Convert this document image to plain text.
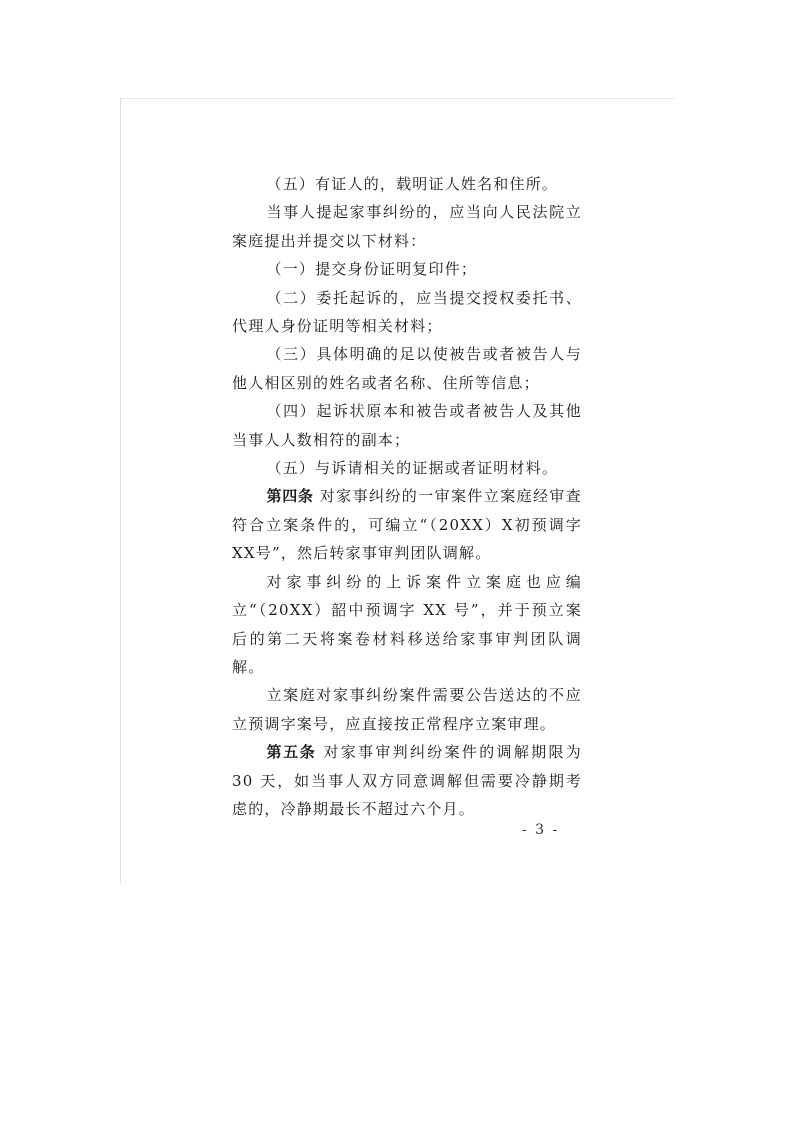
（五）有证人的，载明证人姓名和住所。

当事人提起家事纠纷的，应当向人民法院立案庭提出并提交以下材料：

（一）提交身份证明复印件；

（二）委托起诉的，应当提交授权委托书、代理人身份证明等相关材料；

（三）具体明确的足以使被告或者被告人与他人相区别的姓名或者名称、住所等信息；

（四）起诉状原本和被告或者被告人及其他当事人人数相符的副本；

（五）与诉请相关的证据或者证明材料。

第四条 对家事纠纷的一审案件立案庭经审查符合立案条件的，可编立“（20XX）X初预调字XX号”，然后转家事审判团队调解。

对家事纠纷的上诉案件立案庭也应编立“（20XX）韶中预调字 XX 号”，并于预立案后的第二天将案卷材料移送给家事审判团队调解。

立案庭对家事纠纷案件需要公告送达的不应立预调字案号，应直接按正常程序立案审理。

第五条 对家事审判纠纷案件的调解期限为 30 天，如当事人双方同意调解但需要冷静期考虑的，冷静期最长不超过六个月。

- 3 -
